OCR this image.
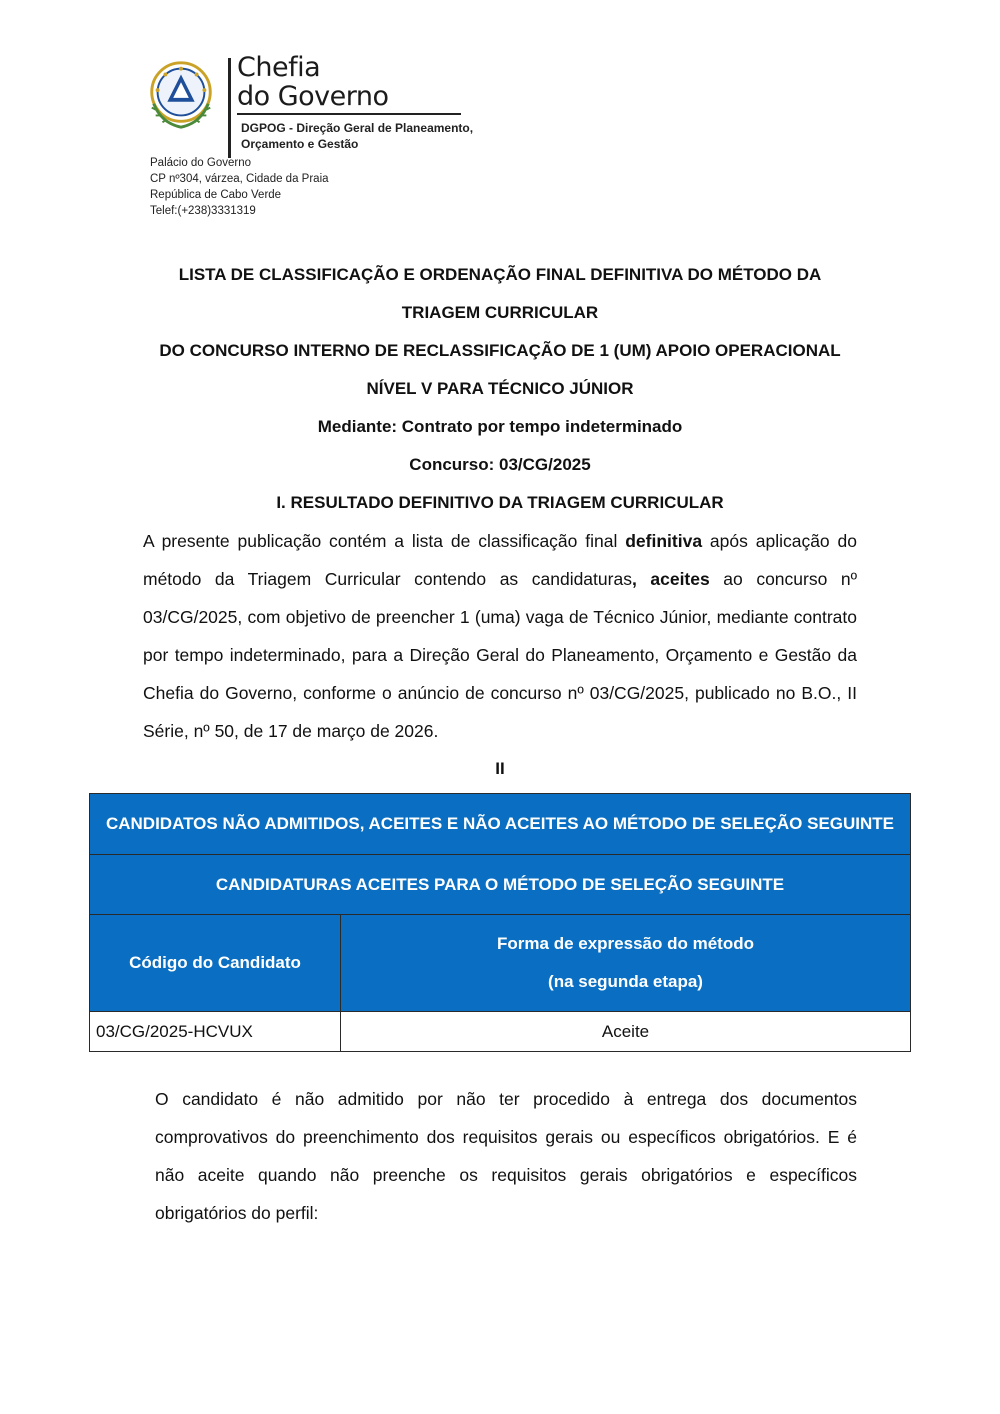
Chefia
do Governo
DGPOG - Direção Geral de Planeamento, Orçamento e Gestão
Palácio do Governo
CP nº304, várzea, Cidade da Praia
República de Cabo Verde
Telef:(+238)3331319
LISTA DE CLASSIFICAÇÃO E ORDENAÇÃO FINAL DEFINITIVA DO MÉTODO DA
TRIAGEM CURRICULAR
DO CONCURSO INTERNO DE RECLASSIFICAÇÃO DE 1 (UM) APOIO OPERACIONAL
NÍVEL V PARA TÉCNICO JÚNIOR
Mediante: Contrato por tempo indeterminado
Concurso: 03/CG/2025
I. RESULTADO DEFINITIVO DA TRIAGEM CURRICULAR
A presente publicação contém a lista de classificação final definitiva após aplicação do método da Triagem Curricular contendo as candidaturas, aceites ao concurso nº 03/CG/2025, com objetivo de preencher 1 (uma) vaga de Técnico Júnior, mediante contrato por tempo indeterminado, para a Direção Geral do Planeamento, Orçamento e Gestão da Chefia do Governo, conforme o anúncio de concurso nº 03/CG/2025, publicado no B.O., II Série, nº 50, de 17 de março de 2026.
II
CANDIDATOS NÃO ADMITIDOS, ACEITES E NÃO ACEITES AO MÉTODO DE SELEÇÃO SEGUINTE	
CANDIDATURAS ACEITES PARA O MÉTODO DE SELEÇÃO SEGUINTE	
Código do Candidato	Forma de expressão do método
(na segunda etapa)

03/CG/2025-HCVUX	Aceite
O candidato é não admitido por não ter procedido à entrega dos documentos comprovativos do preenchimento dos requisitos gerais ou específicos obrigatórios. E é não aceite quando não preenche os requisitos gerais obrigatórios e específicos obrigatórios do perfil:
